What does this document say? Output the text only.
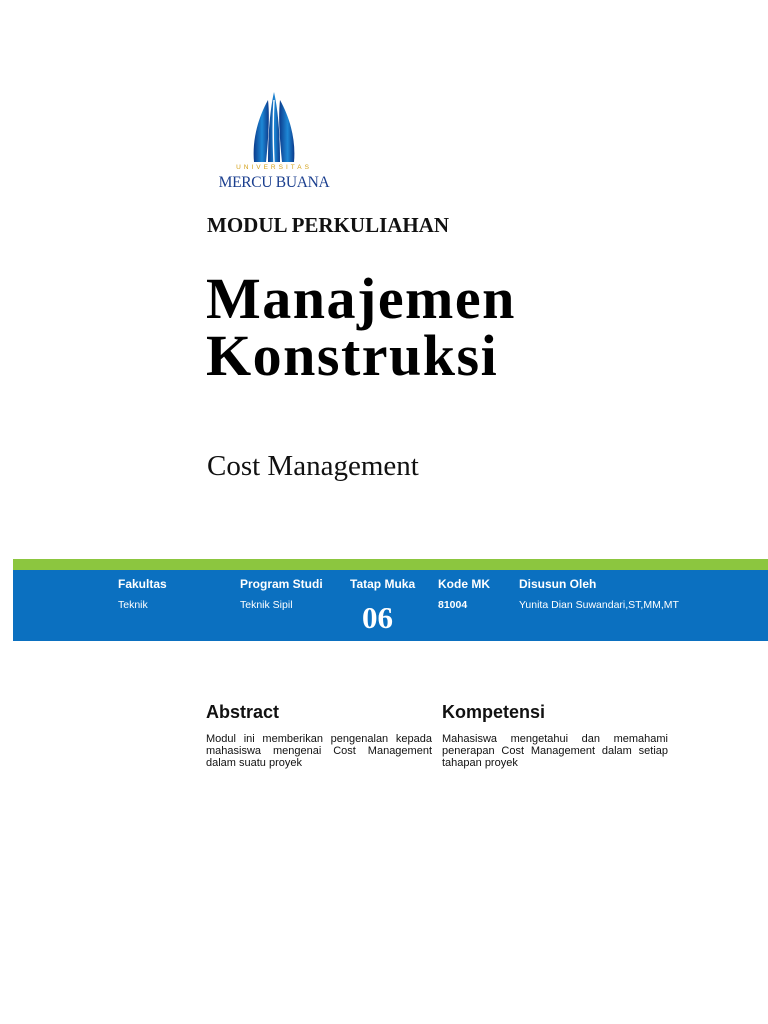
UNIVERSITAS
MERCU BUANA
MODUL PERKULIAHAN
Manajemen
Konstruksi
Cost Management
Fakultas
Teknik
Program Studi
Teknik Sipil
Tatap Muka
06
Kode MK
81004
Disusun Oleh
Yunita Dian Suwandari,ST,MM,MT
Abstract
Modul ini memberikan pengenalan kepada mahasiswa mengenai Cost Management dalam suatu proyek
Kompetensi
Mahasiswa mengetahui dan memahami penerapan Cost Management dalam setiap tahapan proyek
